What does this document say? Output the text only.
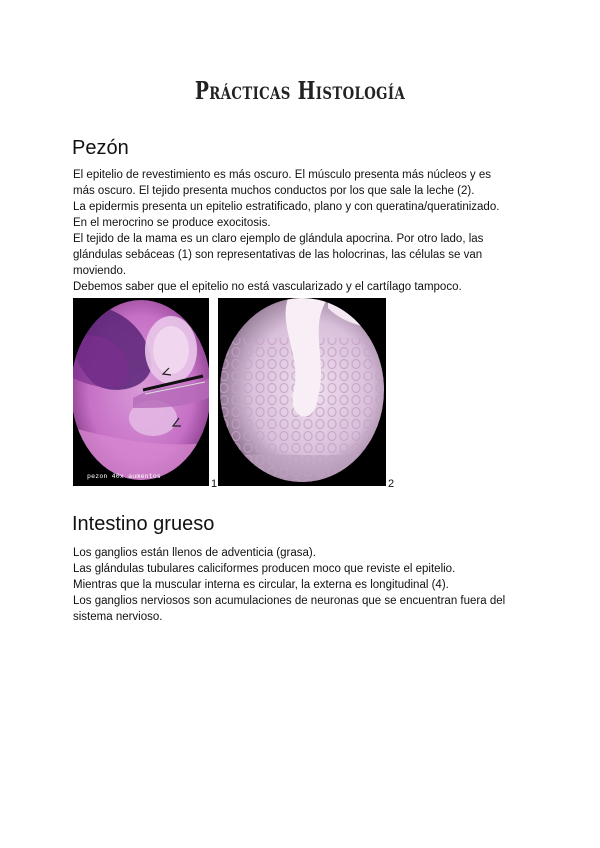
Prácticas Histología
Pezón

El epitelio de revestimiento es más oscuro. El músculo presenta más núcleos y es

más oscuro. El tejido presenta muchos conductos por los que sale la leche (2).

La epidermis presenta un epitelio estratificado, plano y con queratina/queratinizado.

En el merocrino se produce exocitosis.

El tejido de la mama es un claro ejemplo de glándula apocrina. Por otro lado, las

glándulas sebáceas (1) son representativas de las holocrinas, las células se van

moviendo.

Debemos saber que el epitelio no está vascularizado y el cartílago tampoco.

pezon 40x aumentos
1	2
Intestino grueso

Los ganglios están llenos de adventicia (grasa).

Las glándulas tubulares caliciformes producen moco que reviste el epitelio.

Mientras que la muscular interna es circular, la externa es longitudinal (4).

Los ganglios nerviosos son acumulaciones de neuronas que se encuentran fuera del

sistema nervioso.
